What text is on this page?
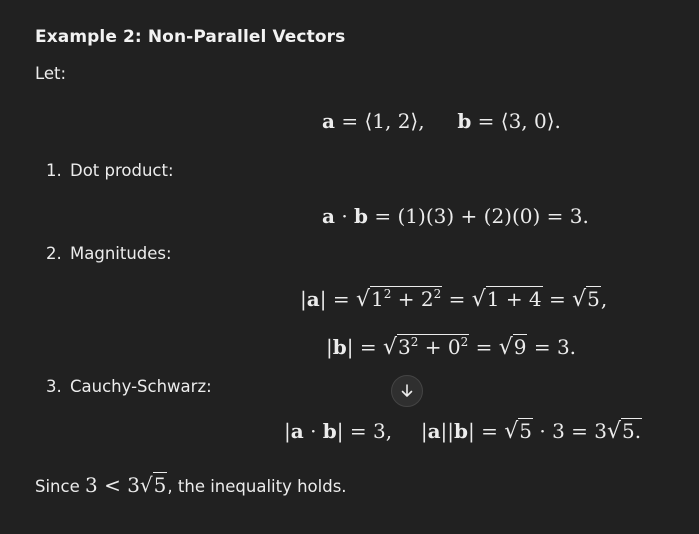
Example 2: Non-Parallel Vectors
Let:
a = ⟨1, 2⟩, b = ⟨3, 0⟩.
1. Dot product:
a · b = (1)(3) + (2)(0) = 3.
2. Magnitudes:
$|a| = √1^2 + 2^2 = √1 + 4 = √5$,
$|b| = √3^2 + 0^2 = √9 = 3$.
3. Cauchy-Schwarz:
|a · b| = 3, |a||b| = √5 · 3 = 3√5.
Since 3 < 3√5, the inequality holds.
